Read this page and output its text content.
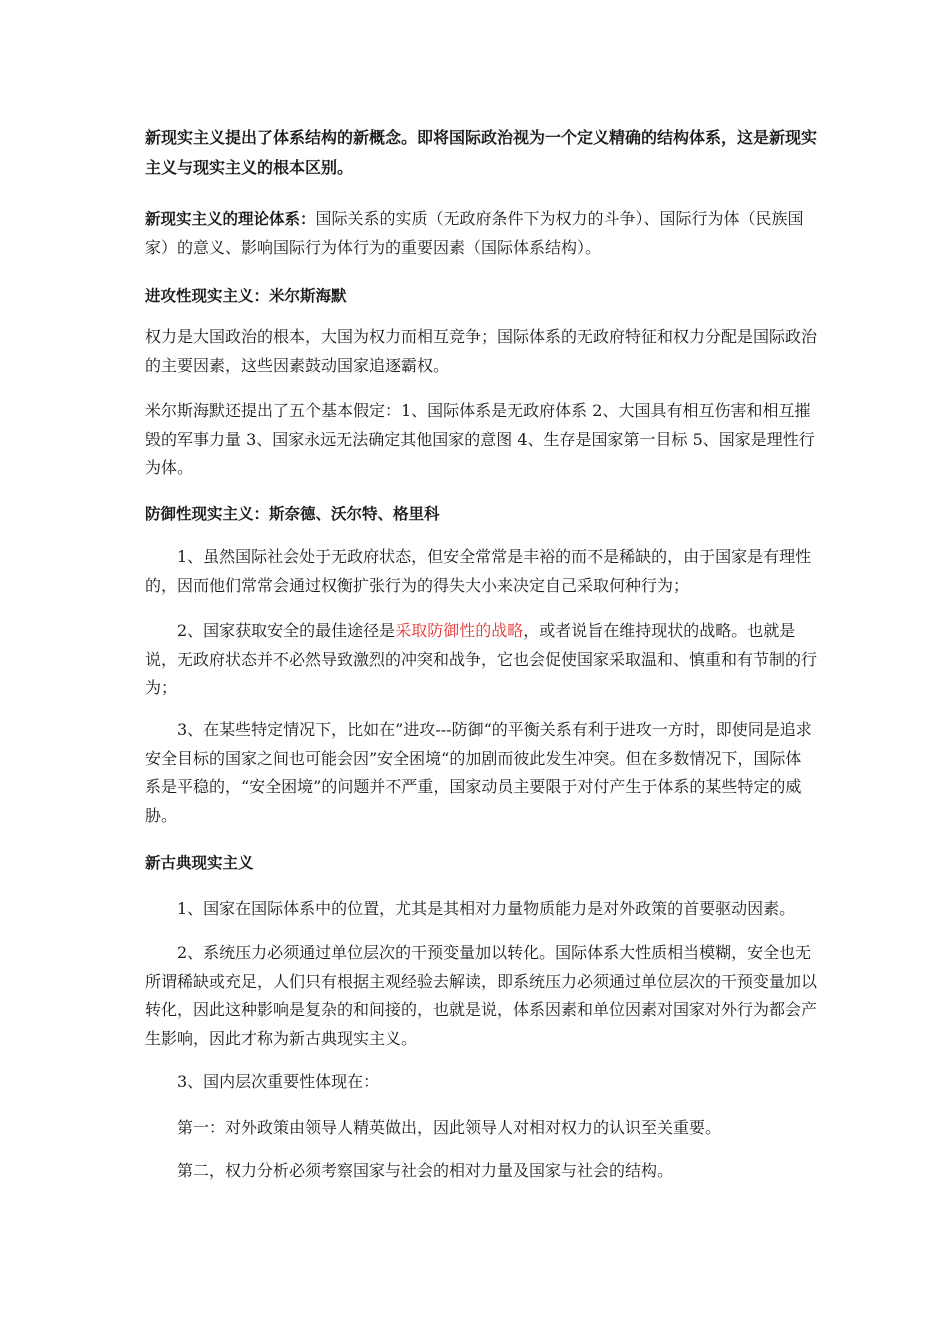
新现实主义提出了体系结构的新概念。即将国际政治视为一个定义精确的结构体系，这是新现实主义与现实主义的根本区别。

新现实主义的理论体系：国际关系的实质（无政府条件下为权力的斗争）、国际行为体（民族国家）的意义、影响国际行为体行为的重要因素（国际体系结构）。

进攻性现实主义：米尔斯海默

权力是大国政治的根本，大国为权力而相互竞争；国际体系的无政府特征和权力分配是国际政治的主要因素，这些因素鼓动国家追逐霸权。

米尔斯海默还提出了五个基本假定：1、国际体系是无政府体系 2、大国具有相互伤害和相互摧毁的军事力量 3、国家永远无法确定其他国家的意图 4、生存是国家第一目标 5、国家是理性行为体。

防御性现实主义：斯奈德、沃尔特、格里科

1、虽然国际社会处于无政府状态，但安全常常是丰裕的而不是稀缺的，由于国家是有理性的，因而他们常常会通过权衡扩张行为的得失大小来决定自己采取何种行为；

2、国家获取安全的最佳途径是采取防御性的战略，或者说旨在维持现状的战略。也就是说，无政府状态并不必然导致激烈的冲突和战争，它也会促使国家采取温和、慎重和有节制的行为；

3、在某些特定情况下，比如在”进攻---防御“的平衡关系有利于进攻一方时，即使同是追求安全目标的国家之间也可能会因”安全困境“的加剧而彼此发生冲突。但在多数情况下，国际体系是平稳的，“安全困境”的问题并不严重，国家动员主要限于对付产生于体系的某些特定的威胁。

新古典现实主义

1、国家在国际体系中的位置，尤其是其相对力量物质能力是对外政策的首要驱动因素。

2、系统压力必须通过单位层次的干预变量加以转化。国际体系大性质相当模糊，安全也无所谓稀缺或充足，人们只有根据主观经验去解读，即系统压力必须通过单位层次的干预变量加以转化，因此这种影响是复杂的和间接的，也就是说，体系因素和单位因素对国家对外行为都会产生影响，因此才称为新古典现实主义。

3、国内层次重要性体现在：

第一：对外政策由领导人精英做出，因此领导人对相对权力的认识至关重要。

第二，权力分析必须考察国家与社会的相对力量及国家与社会的结构。
